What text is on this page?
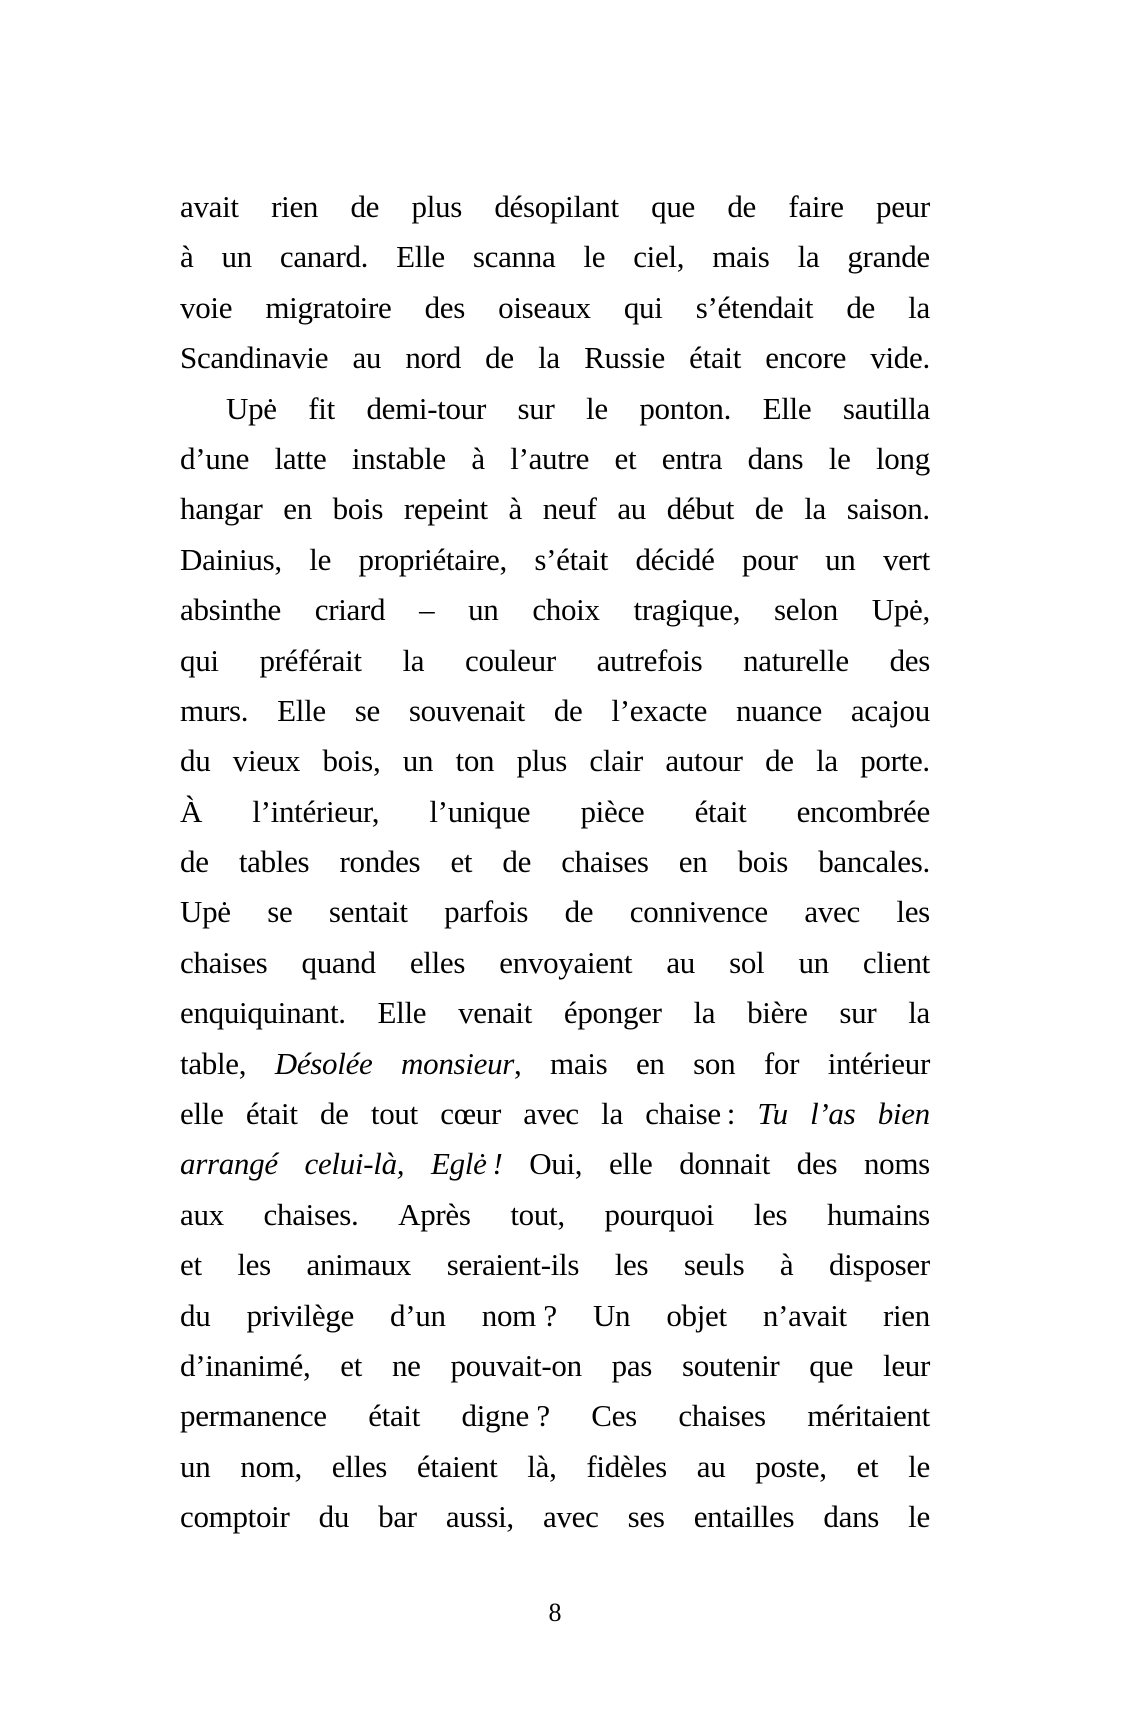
avait rien de plus désopilant que de faire peur
à un canard. Elle scanna le ciel, mais la grande
voie migratoire des oiseaux qui s’étendait de la
Scandinavie au nord de la Russie était encore vide.
Upė fit demi-tour sur le ponton. Elle sautilla
d’une latte instable à l’autre et entra dans le long
hangar en bois repeint à neuf au début de la saison.
Dainius, le propriétaire, s’était décidé pour un vert
absinthe criard – un choix tragique, selon Upė,
qui préférait la couleur autrefois naturelle des
murs. Elle se souvenait de l’exacte nuance acajou
du vieux bois, un ton plus clair autour de la porte.
À l’intérieur, l’unique pièce était encombrée
de tables rondes et de chaises en bois bancales.
Upė se sentait parfois de connivence avec les
chaises quand elles envoyaient au sol un client
enquiquinant. Elle venait éponger la bière sur la
table, Désolée monsieur, mais en son for intérieur
elle était de tout cœur avec la chaise : Tu l’as bien
arrangé celui-là, Eglė ! Oui, elle donnait des noms
aux chaises. Après tout, pourquoi les humains
et les animaux seraient-ils les seuls à disposer
du privilège d’un nom ? Un objet n’avait rien
d’inanimé, et ne pouvait-on pas soutenir que leur
permanence était digne ? Ces chaises méritaient
un nom, elles étaient là, fidèles au poste, et le
comptoir du bar aussi, avec ses entailles dans le
8
